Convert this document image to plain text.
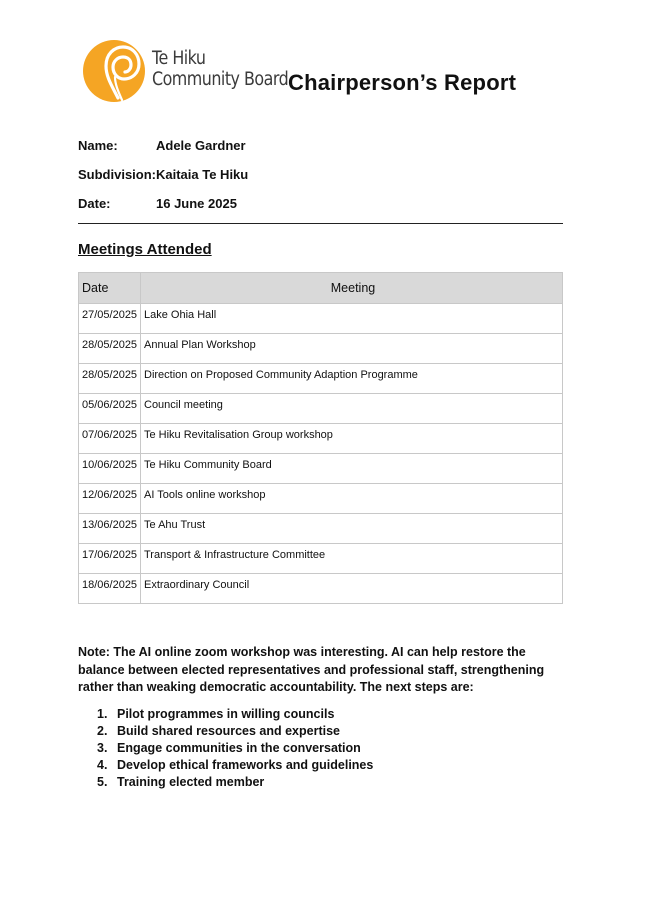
Te Hiku
Community Board Chairperson’s Report
Name:	Adele Gardner
Subdivision: Kaitaia Te Hiku
Date:	16 June 2025
Meetings Attended
Date	Meeting
27/05/2025	Lake Ohia Hall
28/05/2025	Annual Plan Workshop
28/05/2025	Direction on Proposed Community Adaption Programme
05/06/2025	Council meeting
07/06/2025	Te Hiku Revitalisation Group workshop
10/06/2025	Te Hiku Community Board
12/06/2025	AI Tools online workshop
13/06/2025	Te Ahu Trust
17/06/2025	Transport & Infrastructure Committee
18/06/2025	Extraordinary Council
Note: The AI online zoom workshop was interesting. AI can help restore the balance between elected representatives and professional staff, strengthening rather than weaking democratic accountability. The next steps are:
1. Pilot programmes in willing councils
2. Build shared resources and expertise
3. Engage communities in the conversation
4. Develop ethical frameworks and guidelines
5. Training elected member
